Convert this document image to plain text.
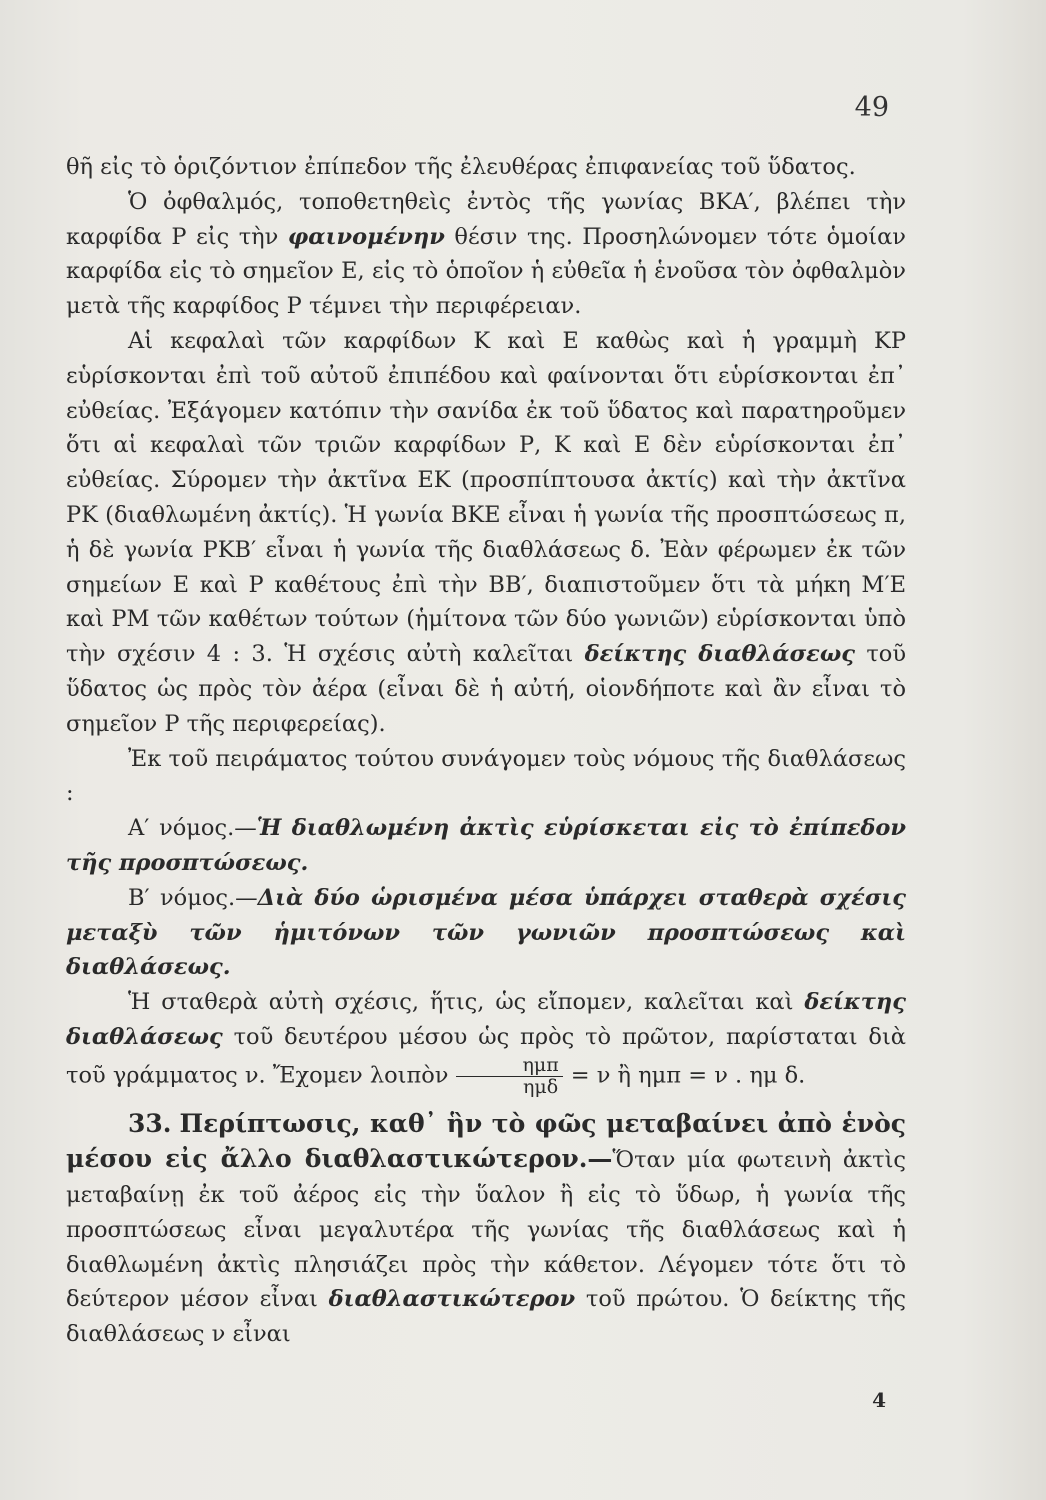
49

θῆ εἰς τὸ ὁριζόντιον ἐπίπεδον τῆς ἐλευθέρας ἐπιφανείας τοῦ ὕδατος.

Ὁ ὀφθαλμός, τοποθετηθεὶς ἐντὸς τῆς γωνίας ΒΚΑ′, βλέπει τὴν καρφίδα Ρ εἰς τὴν φαινομένην θέσιν της. Προσηλώνομεν τότε ὁμοίαν καρφίδα εἰς τὸ σημεῖον Ε, εἰς τὸ ὁποῖον ἡ εὐθεῖα ἡ ἑνοῦσα τὸν ὀφθαλμὸν μετὰ τῆς καρφίδος Ρ τέμνει τὴν περιφέρειαν.

Αἱ κεφαλαὶ τῶν καρφίδων Κ καὶ Ε καθὼς καὶ ἡ γραμμὴ ΚΡ εὑρίσκονται ἐπὶ τοῦ αὐτοῦ ἐπιπέδου καὶ φαίνονται ὅτι εὑρίσκονται ἐπ᾿ εὐθείας. Ἐξάγομεν κατόπιν τὴν σανίδα ἐκ τοῦ ὕδατος καὶ παρατηροῦμεν ὅτι αἱ κεφαλαὶ τῶν τριῶν καρφίδων Ρ, Κ καὶ Ε δὲν εὑρίσκονται ἐπ᾿ εὐθείας. Σύρομεν τὴν ἀκτῖνα ΕΚ (προσπίπτουσα ἀκτίς) καὶ τὴν ἀκτῖνα ΡΚ (διαθλωμένη ἀκτίς). Ἡ γωνία ΒΚΕ εἶναι ἡ γωνία τῆς προσπτώσεως π, ἡ δὲ γωνία ΡΚΒ′ εἶναι ἡ γωνία τῆς διαθλάσεως δ. Ἐὰν φέρωμεν ἐκ τῶν σημείων Ε καὶ Ρ καθέτους ἐπὶ τὴν ΒΒ′, διαπιστοῦμεν ὅτι τὰ μήκη Μ′Ε καὶ ΡΜ τῶν καθέτων τούτων (ἡμίτονα τῶν δύο γωνιῶν) εὑρίσκονται ὑπὸ τὴν σχέσιν 4 : 3. Ἡ σχέσις αὐτὴ καλεῖται δείκτης διαθλάσεως τοῦ ὕδατος ὡς πρὸς τὸν ἀέρα (εἶναι δὲ ἡ αὐτή, οἱονδήποτε καὶ ἂν εἶναι τὸ σημεῖον Ρ τῆς περιφερείας).

Ἐκ τοῦ πειράματος τούτου συνάγομεν τοὺς νόμους τῆς διαθλάσεως :

Α′ νόμος.—Ἡ διαθλωμένη ἀκτὶς εὑρίσκεται εἰς τὸ ἐπίπεδον τῆς προσπτώσεως.

Β′ νόμος.—Διὰ δύο ὡρισμένα μέσα ὑπάρχει σταθερὰ σχέσις μεταξὺ τῶν ἡμιτόνων τῶν γωνιῶν προσπτώσεως καὶ διαθλάσεως.

Ἡ σταθερὰ αὐτὴ σχέσις, ἥτις, ὡς εἴπομεν, καλεῖται καὶ δείκτης διαθλάσεως τοῦ δευτέρου μέσου ὡς πρὸς τὸ πρῶτον, παρίσταται διὰ τοῦ γράμματος ν. Ἔχομεν λοιπὸν $\frac{\text{ημπ}}{\text{ημδ}} = \nu$ ἢ ημπ = ν . ημ δ.

33. Περίπτωσις, καθ᾿ ἣν τὸ φῶς μεταβαίνει ἀπὸ ἑνὸς μέσου εἰς ἄλλο διαθλαστικώτερον.—Ὅταν μία φωτεινὴ ἀκτὶς μεταβαίνῃ ἐκ τοῦ ἀέρος εἰς τὴν ὕαλον ἢ εἰς τὸ ὕδωρ, ἡ γωνία τῆς προσπτώσεως εἶναι μεγαλυτέρα τῆς γωνίας τῆς διαθλάσεως καὶ ἡ διαθλωμένη ἀκτὶς πλησιάζει πρὸς τὴν κάθετον. Λέγομεν τότε ὅτι τὸ δεύτερον μέσον εἶναι διαθλαστικώτερον τοῦ πρώτου. Ὁ δείκτης τῆς διαθλάσεως ν εἶναι

4
